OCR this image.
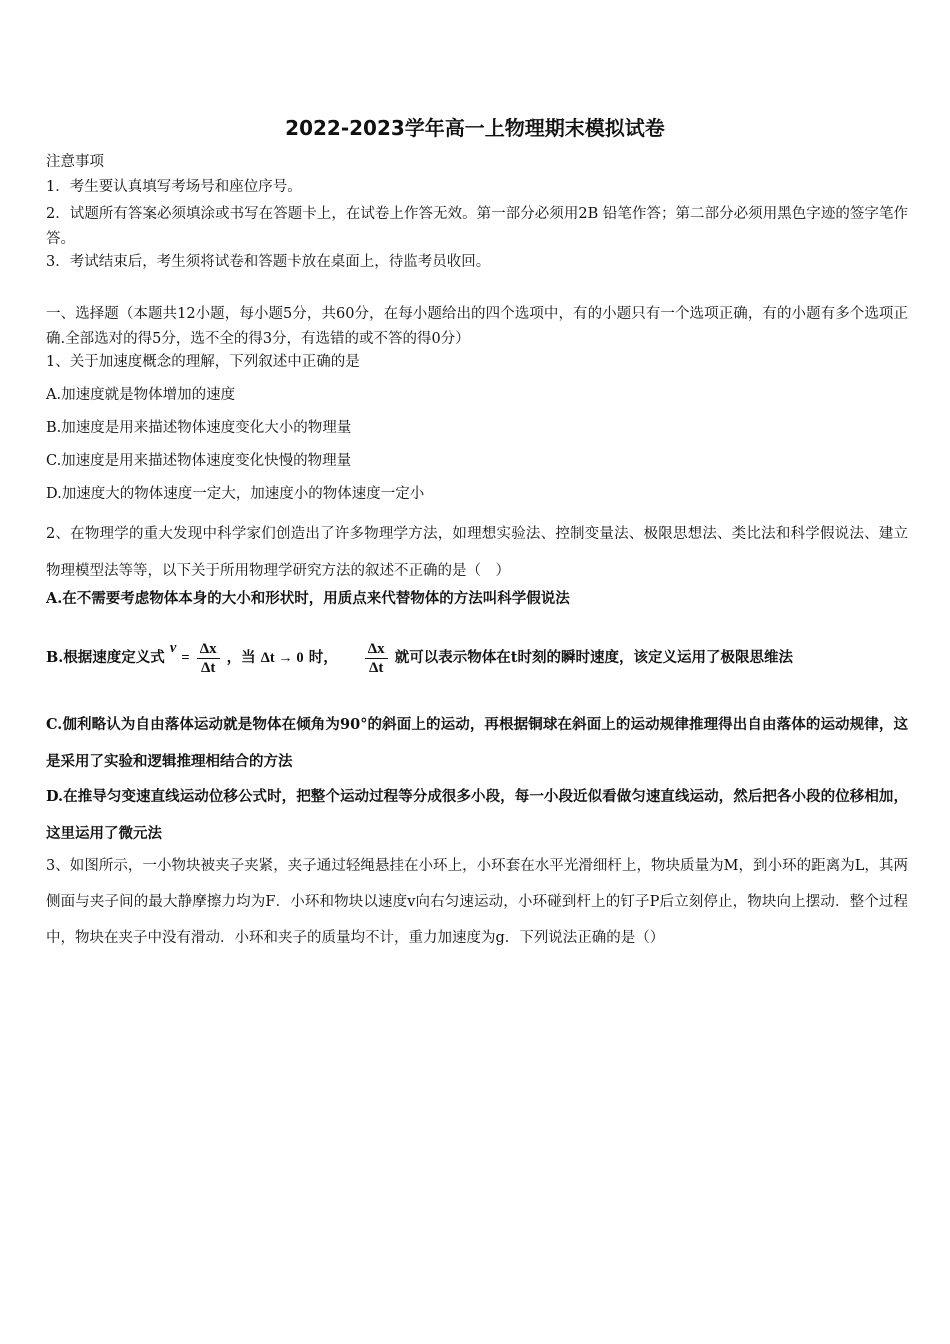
2022-2023学年高一上物理期末模拟试卷
注意事项
1．考生要认真填写考场号和座位序号。
2．试题所有答案必须填涂或书写在答题卡上，在试卷上作答无效。第一部分必须用2B 铅笔作答；第二部分必须用黑色字迹的签字笔作答。
3．考试结束后，考生须将试卷和答题卡放在桌面上，待监考员收回。
一、选择题（本题共12小题，每小题5分，共60分，在每小题给出的四个选项中，有的小题只有一个选项正确，有的小题有多个选项正确.全部选对的得5分，选不全的得3分，有选错的或不答的得0分）
1、关于加速度概念的理解，下列叙述中正确的是
A.加速度就是物体增加的速度
B.加速度是用来描述物体速度变化大小的物理量
C.加速度是用来描述物体速度变化快慢的物理量
D.加速度大的物体速度一定大，加速度小的物体速度一定小
2、在物理学的重大发现中科学家们创造出了许多物理学方法，如理想实验法、控制变量法、极限思想法、类比法和科学假说法、建立物理模型法等等，以下关于所用物理学研究方法的叙述不正确的是（　）
A.在不需要考虑物体本身的大小和形状时，用质点来代替物体的方法叫科学假说法
B.根据速度定义式 $v = \frac{\Delta x}{\Delta t}$ ，当 Δt → 0 时， $\frac{\Delta x}{\Delta t}$ 就可以表示物体在t时刻的瞬时速度，该定义运用了极限思维法
C.伽利略认为自由落体运动就是物体在倾角为90°的斜面上的运动，再根据铜球在斜面上的运动规律推理得出自由落体的运动规律，这是采用了实验和逻辑推理相结合的方法
D.在推导匀变速直线运动位移公式时，把整个运动过程等分成很多小段，每一小段近似看做匀速直线运动，然后把各小段的位移相加，这里运用了微元法
3、如图所示，一小物块被夹子夹紧，夹子通过轻绳悬挂在小环上，小环套在水平光滑细杆上，物块质量为M，到小环的距离为L，其两侧面与夹子间的最大静摩擦力均为F．小环和物块以速度v向右匀速运动，小环碰到杆上的钉子P后立刻停止，物块向上摆动．整个过程中，物块在夹子中没有滑动．小环和夹子的质量均不计，重力加速度为g．下列说法正确的是（）
